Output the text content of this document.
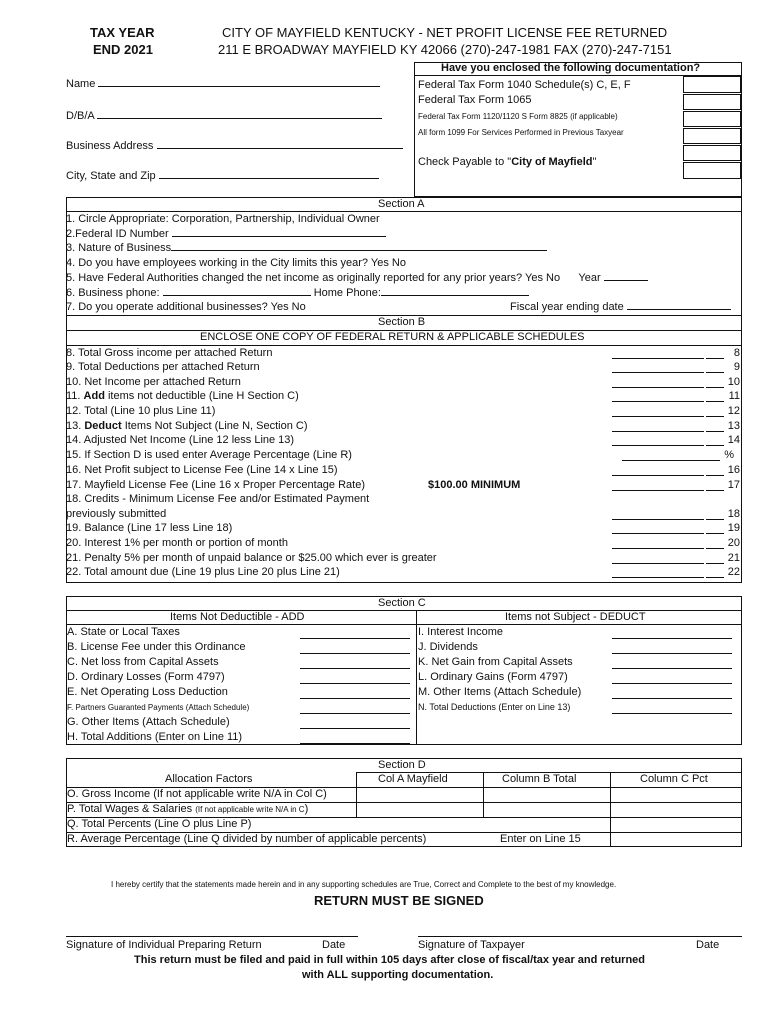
TAX YEAR
END 2021
CITY OF MAYFIELD KENTUCKY - NET PROFIT LICENSE FEE RETURNED
211 E BROADWAY MAYFIELD KY 42066 (270)-247-1981 FAX (270)-247-7151
Name
D/B/A
Business Address
City, State and Zip
Have you enclosed the following documentation?
Federal Tax Form 1040 Schedule(s) C, E, F
Federal Tax Form 1065
Federal Tax Form 1120/1120 S Form 8825 (if applicable)
All form 1099 For Services Performed in Previous Taxyear
Check Payable to "City of Mayfield"
Section A
1. Circle Appropriate: Corporation, Partnership, Individual Owner
2.Federal ID Number
3. Nature of Business
4. Do you have employees working in the City limits this year? Yes No
5. Have Federal Authorities changed the net income as originally reported for any prior years? Yes No Year
6. Business phone:	Home Phone:
7. Do you operate additional businesses? Yes No	Fiscal year ending date
Section B
ENCLOSE ONE COPY OF FEDERAL RETURN & APPLICABLE SCHEDULES
8. Total Gross income per attached Return	8
9. Total Deductions per attached Return	9
10. Net Income per attached Return	10
11. Add items not deductible (Line H Section C)	11
12. Total (Line 10 plus Line 11)	12
13. Deduct Items Not Subject (Line N, Section C)	13
14. Adjusted Net Income (Line 12 less Line 13)	14
15. If Section D is used enter Average Percentage (Line R)	%
16. Net Profit subject to License Fee (Line 14 x Line 15)	16
17. Mayfield License Fee (Line 16 x Proper Percentage Rate)	17
18. Credits - Minimum License Fee and/or Estimated Payment
previously submitted	18
19. Balance (Line 17 less Line 18)	19
20. Interest 1% per month or portion of month	20
21. Penalty 5% per month of unpaid balance or $25.00 which ever is greater	21
22. Total amount due (Line 19 plus Line 20 plus Line 21)	22
$100.00 MINIMUM
Section C
Items Not Deductible - ADD	Items not Subject - DEDUCT
A. State or Local Taxes
B. License Fee under this Ordinance
C. Net loss from Capital Assets
D. Ordinary Losses (Form 4797)
E. Net Operating Loss Deduction
F. Partners Guaranted Payments (Attach Schedule)
G. Other Items (Attach Schedule)
H. Total Additions (Enter on Line 11)
I. Interest Income
J. Dividends
K. Net Gain from Capital Assets
L. Ordinary Gains (Form 4797)
M. Other Items (Attach Schedule)
N. Total Deductions (Enter on Line 13)
Section D
Allocation Factors	Col A Mayfield	Column B Total	Column C Pct
O. Gross Income (If not applicable write N/A in Col C)
P. Total Wages & Salaries (If not applicable write N/A in C)
Q. Total Percents (Line O plus Line P)
R. Average Percentage (Line Q divided by number of applicable percents)	Enter on Line 15
I hereby certify that the statements made herein and in any supporting schedules are True, Correct and Complete to the best of my knowledge.
RETURN MUST BE SIGNED
Signature of Individual Preparing Return	Date	Signature of Taxpayer	Date
This return must be filed and paid in full within 105 days after close of fiscal/tax year and returned
with ALL supporting documentation.
